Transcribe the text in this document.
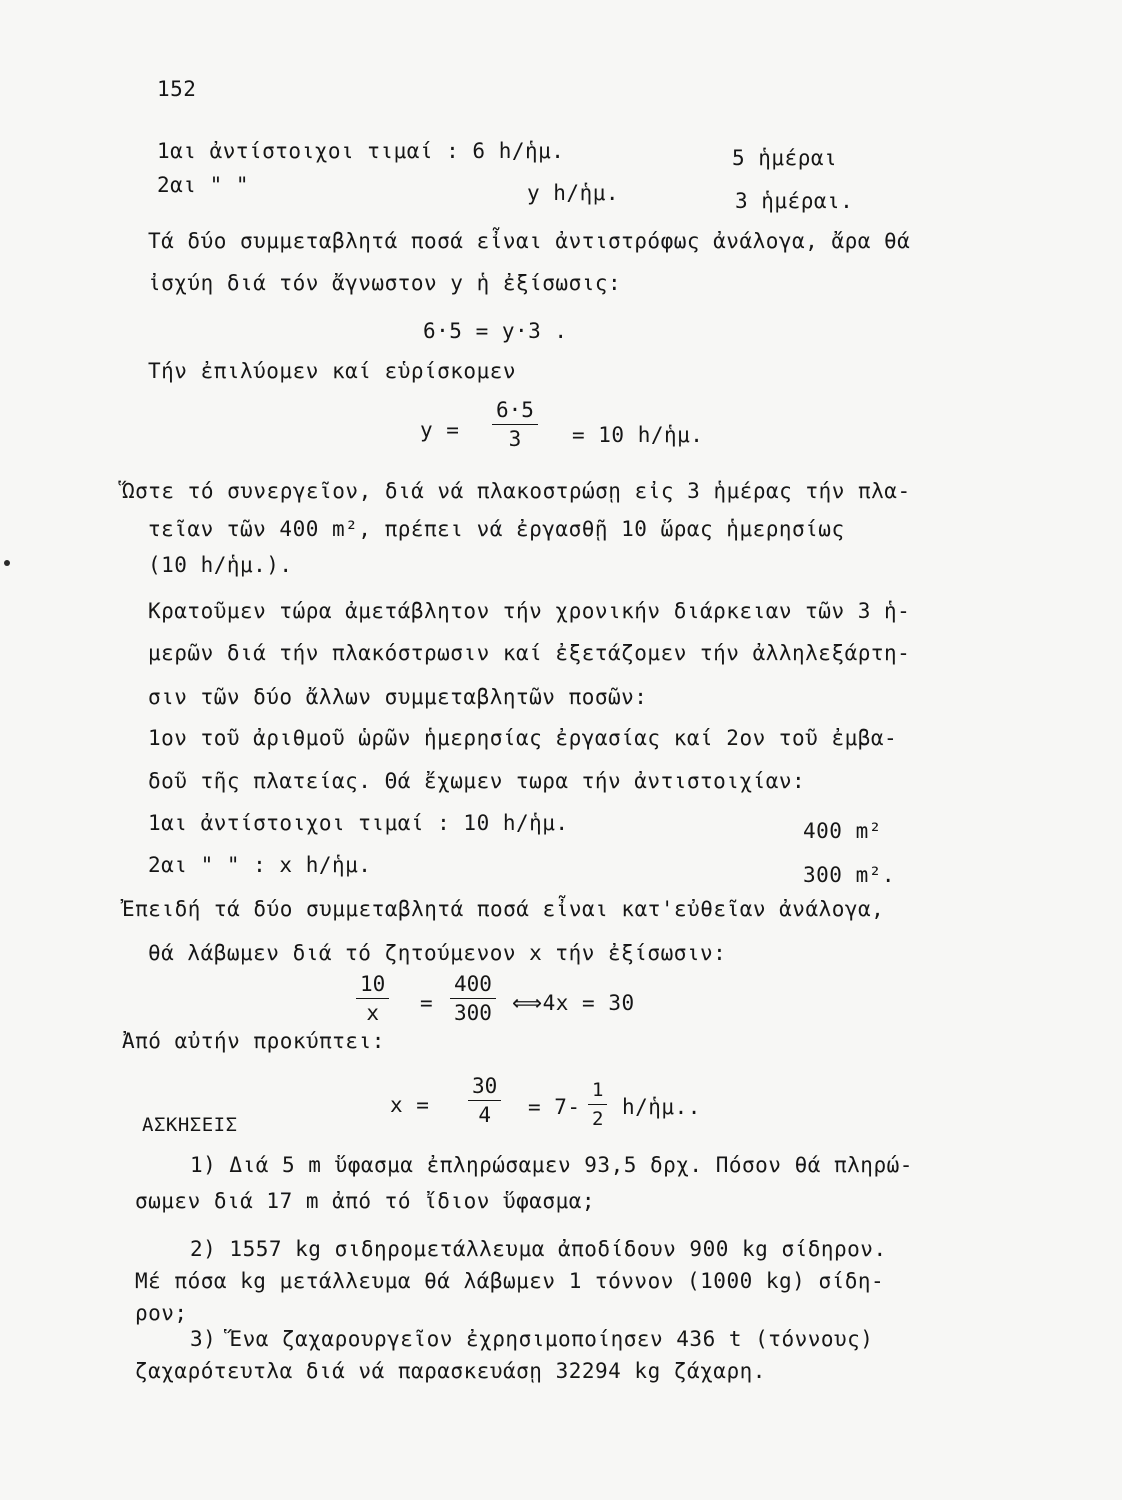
152
1αι ἀντίστοιχοι τιμαί : 6 h/ἡμ.	5 ἡμέραι
2αι " "	y h/ἡμ.	3 ἡμέραι.
Τά δύο συμμεταβλητά ποσά εἶναι ἀντιστρόφως ἀνάλογα, ἄρα θά
ἰσχύη διά τόν ἄγνωστον y ἡ ἐξίσωσις:
6·5 = y·3 .
Τήν ἐπιλύομεν καί εὑρίσκομεν
$y = \frac{6\cdot 5}{3} = 10$ h/ἡμ.
Ὥστε τό συνεργεῖον, διά νά πλακοστρώσῃ εἰς 3 ἡμέρας τήν πλα-
τεῖαν τῶν 400 m², πρέπει νά ἐργασθῇ 10 ὥρας ἡμερησίως
(10 h/ἡμ.).
Κρατοῦμεν τώρα ἀμετάβλητον τήν χρονικήν διάρκειαν τῶν 3 ἡ-
μερῶν διά τήν πλακόστρωσιν καί ἐξετάζομεν τήν ἀλληλεξάρτη-
σιν τῶν δύο ἄλλων συμμεταβλητῶν ποσῶν:
1ον τοῦ ἀριθμοῦ ὡρῶν ἡμερησίας ἐργασίας καί 2ον τοῦ ἐμβα-
δοῦ τῆς πλατείας. Θά ἔχωμεν τωρα τήν ἀντιστοιχίαν:
1αι ἀντίστοιχοι τιμαί : 10 h/ἡμ.	400 m²
2αι " " : x h/ἡμ.	300 m².
Ἐπειδή τά δύο συμμεταβλητά ποσά εἶναι κατ'εὐθεῖαν ἀνάλογα,
θά λάβωμεν διά τό ζητούμενον x τήν ἐξίσωσιν:
$\frac{10}{x} = \frac{400}{300}$ ⟺4x = 30
Ἀπό αὐτήν προκύπτει:
$x = \frac{30}{4} = 7- \frac{1}{2}$ h/ἡμ..
ΑΣΚΗΣΕΙΣ
1) Διά 5 m ὕφασμα ἐπληρώσαμεν 93,5 δρχ. Πόσον θά πληρώ-
σωμεν διά 17 m ἀπό τό ἴδιον ὕφασμα;
2) 1557 kg σιδηρομετάλλευμα ἀποδίδουν 900 kg σίδηρον.
Μέ πόσα kg μετάλλευμα θά λάβωμεν 1 τόννον (1000 kg) σίδη-
ρον;
3) Ἕνα ζαχαρουργεῖον ἐχρησιμοποίησεν 436 t (τόννους)
ζαχαρότευτλα διά νά παρασκευάσῃ 32294 kg ζάχαρη.
